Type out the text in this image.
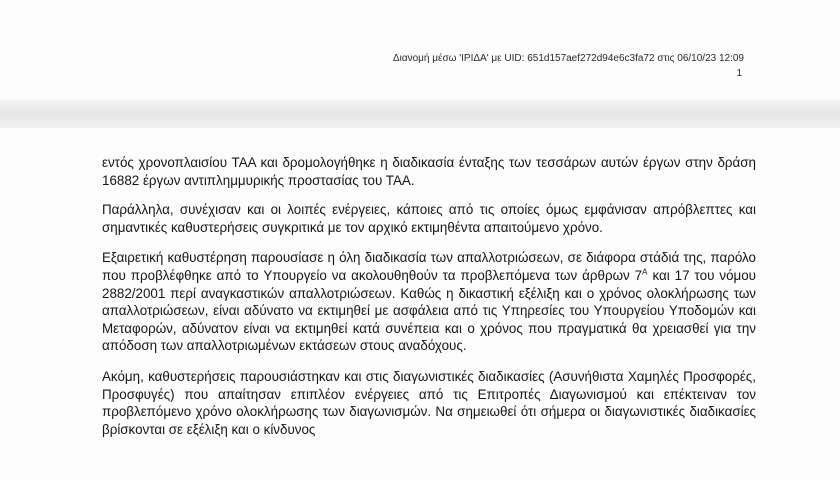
Διανομή μέσω 'ΙΡΙΔΑ' με UID: 651d157aef272d94e6c3fa72 στις 06/10/23 12:09
1

εντός χρονοπλαισίου ΤΑΑ και δρομολογήθηκε η διαδικασία ένταξης των τεσσάρων αυτών έργων στην δράση 16882 έργων αντιπλημμυρικής προστασίας του ΤΑΑ.

Παράλληλα, συνέχισαν και οι λοιπές ενέργειες, κάποιες από τις οποίες όμως εμφάνισαν απρόβλεπτες και σημαντικές καθυστερήσεις συγκριτικά με τον αρχικό εκτιμηθέντα απαιτούμενο χρόνο.

Εξαιρετική καθυστέρηση παρουσίασε η όλη διαδικασία των απαλλοτριώσεων, σε διάφορα στάδιά της, παρόλο που προβλέφθηκε από το Υπουργείο να ακολουθηθούν τα προβλεπόμενα των άρθρων $7^A$ και 17 του νόμου 2882/2001 περί αναγκαστικών απαλλοτριώσεων. Καθώς η δικαστική εξέλιξη και ο χρόνος ολοκλήρωσης των απαλλοτριώσεων, είναι αδύνατο να εκτιμηθεί με ασφάλεια από τις Υπηρεσίες του Υπουργείου Υποδομών και Μεταφορών, αδύνατον είναι να εκτιμηθεί κατά συνέπεια και ο χρόνος που πραγματικά θα χρειασθεί για την απόδοση των απαλλοτριωμένων εκτάσεων στους αναδόχους.

Ακόμη, καθυστερήσεις παρουσιάστηκαν και στις διαγωνιστικές διαδικασίες (Ασυνήθιστα Χαμηλές Προσφορές, Προσφυγές) που απαίτησαν επιπλέον ενέργειες από τις Επιτροπές Διαγωνισμού και επέκτειναν τον προβλεπόμενο χρόνο ολοκλήρωσης των διαγωνισμών. Να σημειωθεί ότι σήμερα οι διαγωνιστικές διαδικασίες βρίσκονται σε εξέλιξη και ο κίνδυνος
